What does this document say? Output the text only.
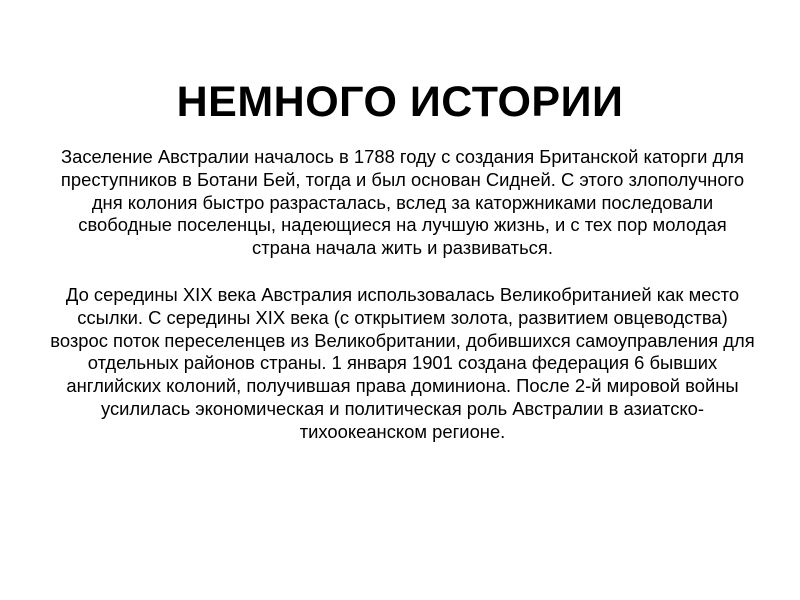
НЕМНОГО ИСТОРИИ

Заселение Австралии началось в 1788 году с создания Британской каторги для преступников в Ботани Бей, тогда и был основан Сидней. С этого злополучного дня колония быстро разрасталась, вслед за каторжниками последовали свободные поселенцы, надеющиеся на лучшую жизнь, и с тех пор молодая страна начала жить и развиваться.

До середины XIX века Австралия использовалась Великобританией как место ссылки. С середины XIX века (с открытием золота, развитием овцеводства) возрос поток переселенцев из Великобритании, добившихся самоуправления для отдельных районов страны. 1 января 1901 создана федерация 6 бывших английских колоний, получившая права доминиона. После 2-й мировой войны усилилась экономическая и политическая роль Австралии в азиатско-тихоокеанском регионе.
